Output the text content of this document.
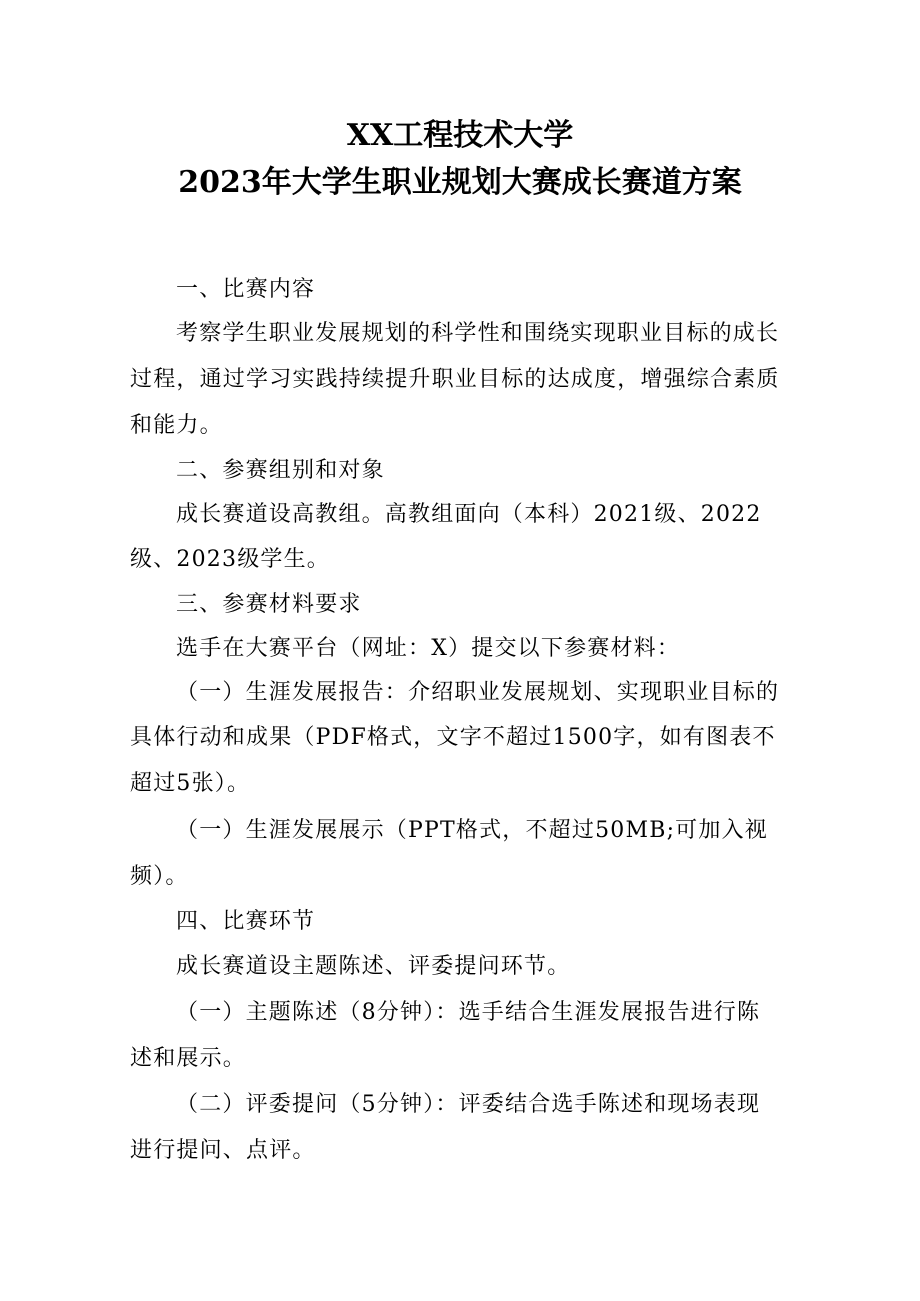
XX工程技术大学
2023年大学生职业规划大赛成长赛道方案
一、比赛内容
考察学生职业发展规划的科学性和围绕实现职业目标的成长
过程，通过学习实践持续提升职业目标的达成度，增强综合素质
和能力。
二、参赛组别和对象
成长赛道设高教组。高教组面向（本科）2021级、2022
级、2023级学生。
三、参赛材料要求
选手在大赛平台（网址：X）提交以下参赛材料：
（一）生涯发展报告：介绍职业发展规划、实现职业目标的
具体行动和成果（PDF格式，文字不超过1500字，如有图表不
超过5张）。
（一）生涯发展展示（PPT格式，不超过50MB;可加入视
频）。
四、比赛环节
成长赛道设主题陈述、评委提问环节。
（一）主题陈述（8分钟）：选手结合生涯发展报告进行陈
述和展示。
（二）评委提问（5分钟）：评委结合选手陈述和现场表现
进行提问、点评。
